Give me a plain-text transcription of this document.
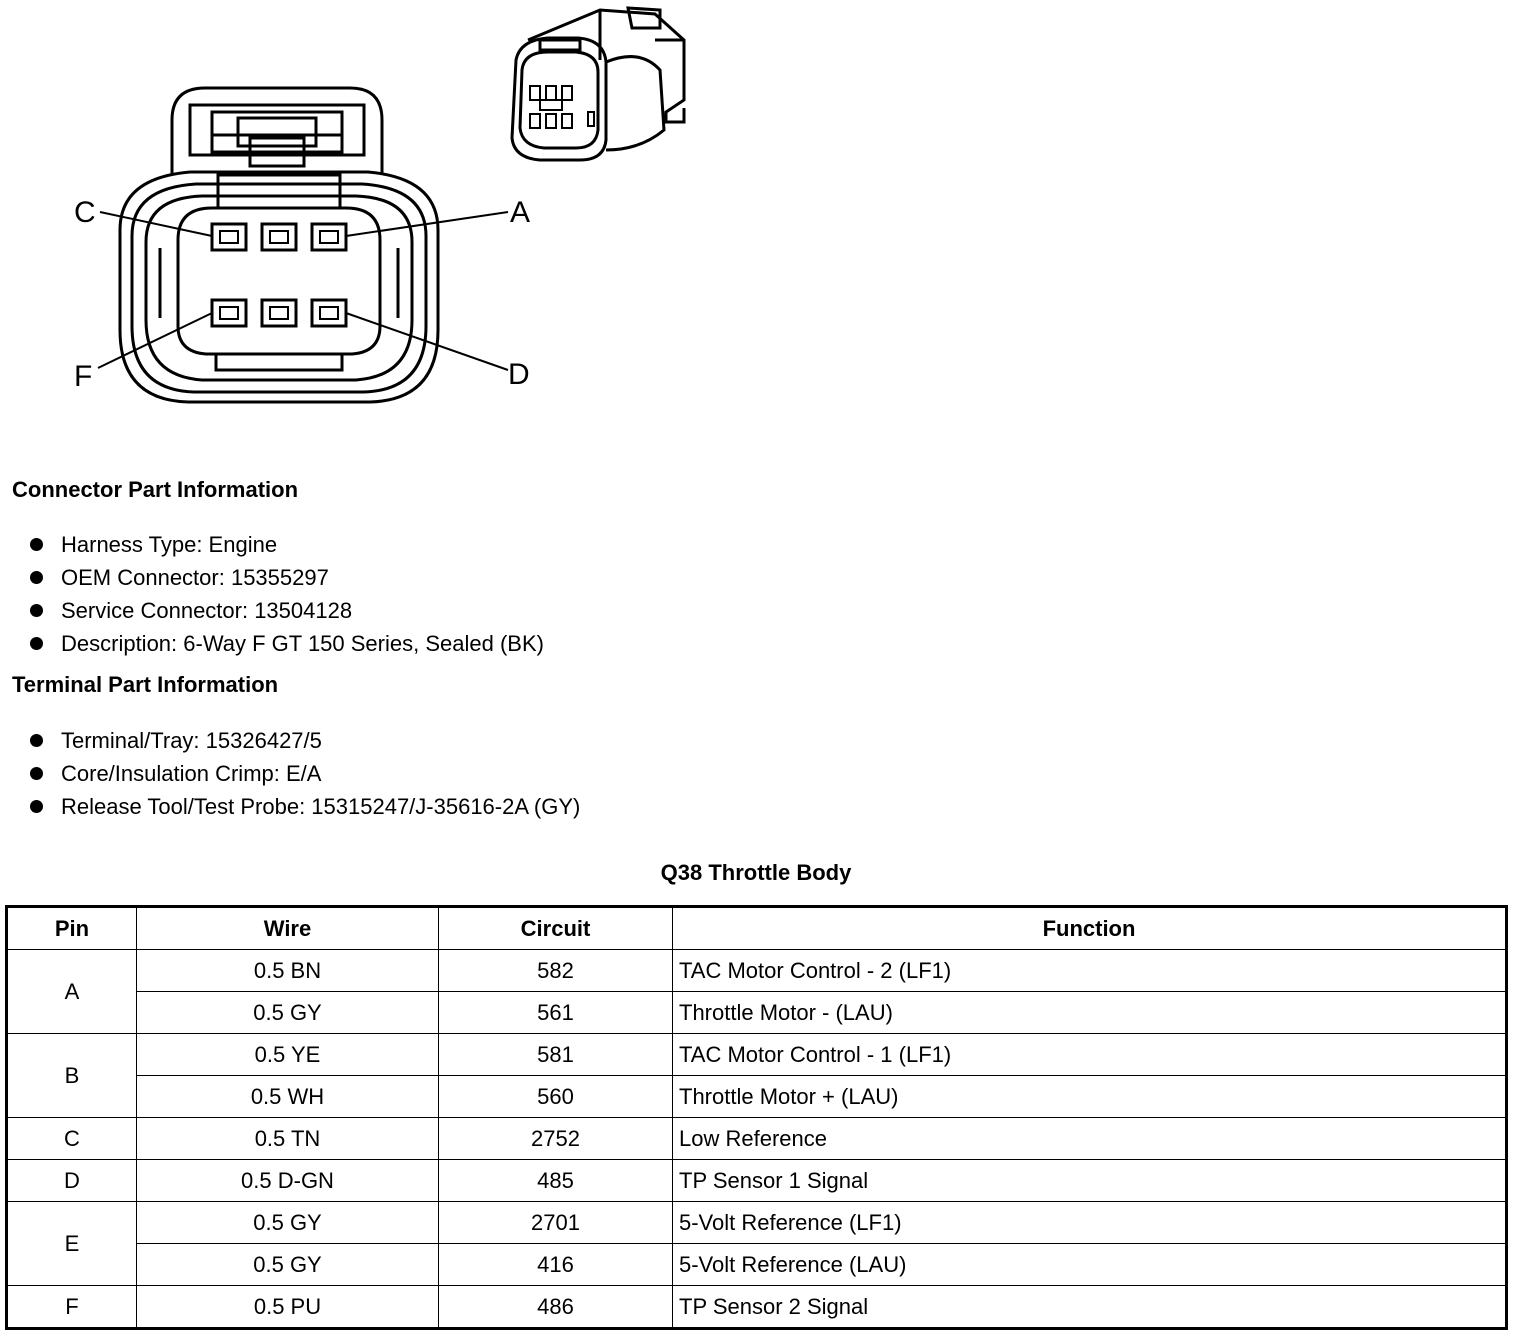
C	A
F	D
Connector Part Information
Harness Type: Engine
OEM Connector: 15355297
Service Connector: 13504128
Description: 6-Way F GT 150 Series, Sealed (BK)
Terminal Part Information
Terminal/Tray: 15326427/5
Core/Insulation Crimp: E/A
Release Tool/Test Probe: 15315247/J-35616-2A (GY)
Q38 Throttle Body
Pin	Wire	Circuit	Function
A	0.5 BN	582	TAC Motor Control - 2 (LF1)
	0.5 GY	561	Throttle Motor - (LAU)
B	0.5 YE	581	TAC Motor Control - 1 (LF1)
	0.5 WH	560	Throttle Motor + (LAU)
C	0.5 TN	2752	Low Reference
D	0.5 D-GN	485	TP Sensor 1 Signal
E	0.5 GY	2701	5-Volt Reference (LF1)
	0.5 GY	416	5-Volt Reference (LAU)
F	0.5 PU	486	TP Sensor 2 Signal
